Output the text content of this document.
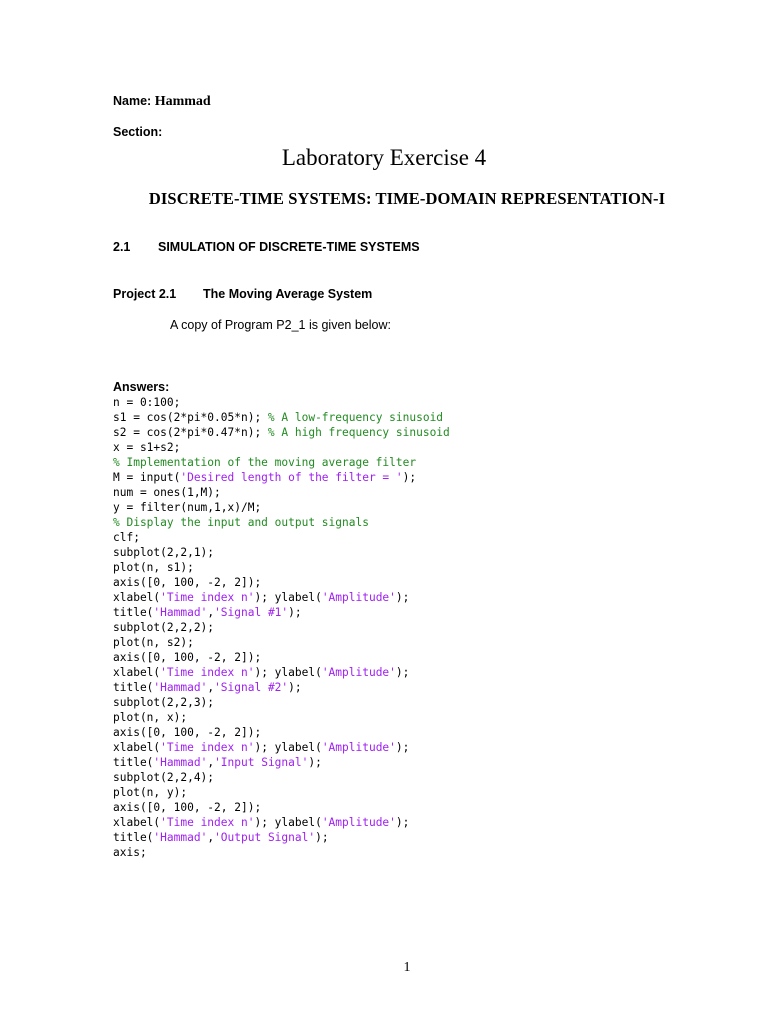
Name: Hammad
Section:
Laboratory Exercise 4
DISCRETE-TIME SYSTEMS: TIME-DOMAIN REPRESENTATION-I
2.1 SIMULATION OF DISCRETE-TIME SYSTEMS
Project 2.1 The Moving Average System
A copy of Program P2_1 is given below:
Answers:
n = 0:100;
s1 = cos(2*pi*0.05*n); % A low-frequency sinusoid
s2 = cos(2*pi*0.47*n); % A high frequency sinusoid
x = s1+s2;
% Implementation of the moving average filter
M = input('Desired length of the filter = ');
num = ones(1,M);
y = filter(num,1,x)/M;
% Display the input and output signals
clf;
subplot(2,2,1);
plot(n, s1);
axis([0, 100, -2, 2]);
xlabel('Time index n'); ylabel('Amplitude');
title('Hammad','Signal #1');
subplot(2,2,2);
plot(n, s2);
axis([0, 100, -2, 2]);
xlabel('Time index n'); ylabel('Amplitude');
title('Hammad','Signal #2');
subplot(2,2,3);
plot(n, x);
axis([0, 100, -2, 2]);
xlabel('Time index n'); ylabel('Amplitude');
title('Hammad','Input Signal');
subplot(2,2,4);
plot(n, y);
axis([0, 100, -2, 2]);
xlabel('Time index n'); ylabel('Amplitude');
title('Hammad','Output Signal');
axis;
1
